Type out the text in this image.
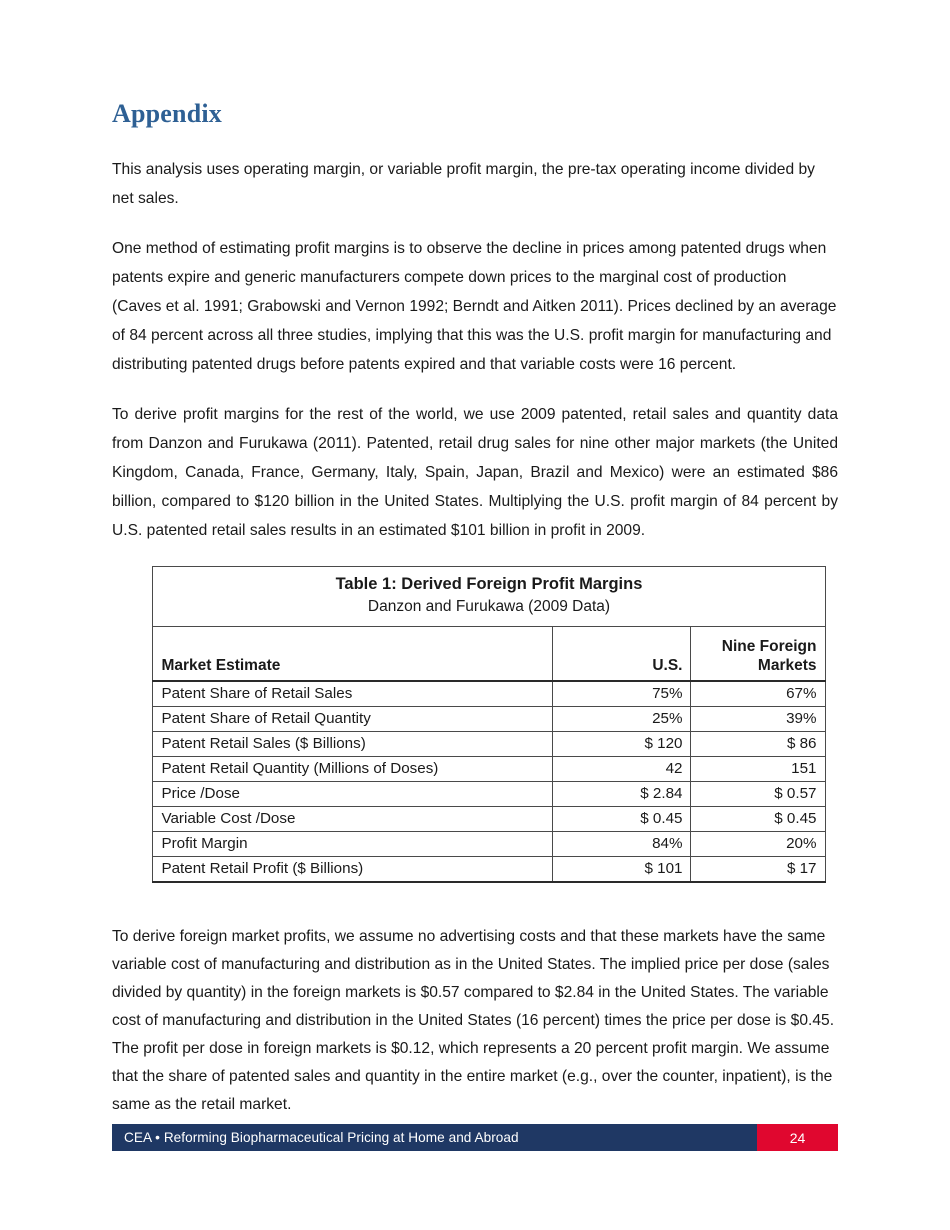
Appendix

This analysis uses operating margin, or variable profit margin, the pre-tax operating income divided by net sales.

One method of estimating profit margins is to observe the decline in prices among patented drugs when patents expire and generic manufacturers compete down prices to the marginal cost of production (Caves et al. 1991; Grabowski and Vernon 1992; Berndt and Aitken 2011). Prices declined by an average of 84 percent across all three studies, implying that this was the U.S. profit margin for manufacturing and distributing patented drugs before patents expired and that variable costs were 16 percent.

To derive profit margins for the rest of the world, we use 2009 patented, retail sales and quantity data from Danzon and Furukawa (2011). Patented, retail drug sales for nine other major markets (the United Kingdom, Canada, France, Germany, Italy, Spain, Japan, Brazil and Mexico) were an estimated $86 billion, compared to $120 billion in the United States. Multiplying the U.S. profit margin of 84 percent by U.S. patented retail sales results in an estimated $101 billion in profit in 2009.

Table 1: Derived Foreign Profit Margins
Danzon and Furukawa (2009 Data)		

Market Estimate	U.S.	Nine Foreign
Markets

Patent Share of Retail Sales	75%	67%
Patent Share of Retail Quantity	25%	39%
Patent Retail Sales ($ Billions)	$ 120	$ 86
Patent Retail Quantity (Millions of Doses)	42	151
Price /Dose	$ 2.84	$ 0.57
Variable Cost /Dose	$ 0.45	$ 0.45
Profit Margin	84%	20%
Patent Retail Profit ($ Billions)	$ 101	$ 17

To derive foreign market profits, we assume no advertising costs and that these markets have the same variable cost of manufacturing and distribution as in the United States. The implied price per dose (sales divided by quantity) in the foreign markets is $0.57 compared to $2.84 in the United States. The variable cost of manufacturing and distribution in the United States (16 percent) times the price per dose is $0.45. The profit per dose in foreign markets is $0.12, which represents a 20 percent profit margin. We assume that the share of patented sales and quantity in the entire market (e.g., over the counter, inpatient), is the same as the retail market.

CEA • Reforming Biopharmaceutical Pricing at Home and Abroad	24
